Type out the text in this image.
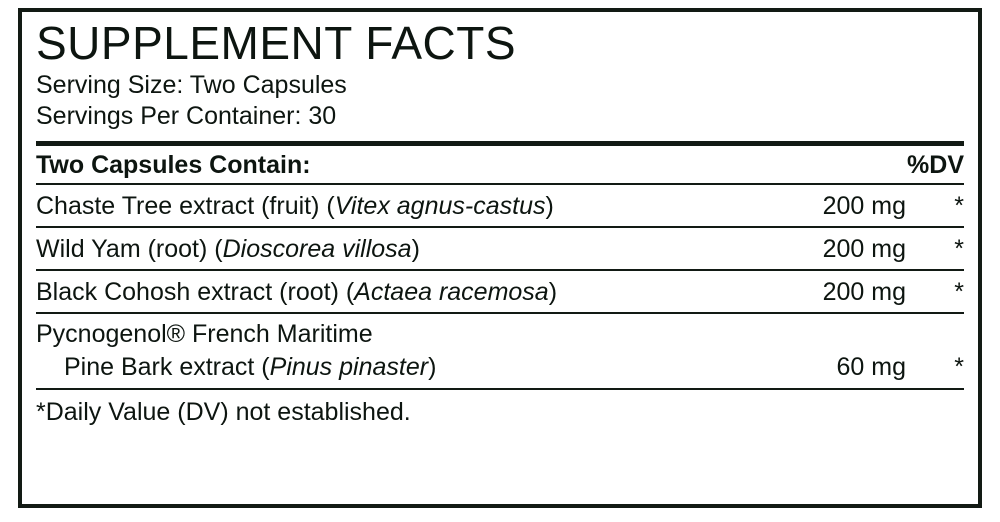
SUPPLEMENT FACTS
Serving Size: Two Capsules
Servings Per Container: 30
Two Capsules Contain:	%DV
Chaste Tree extract (fruit) (Vitex agnus-castus)	200 mg	*
Wild Yam (root) (Dioscorea villosa)	200 mg	*
Black Cohosh extract (root) (Actaea racemosa)	200 mg	*
Pycnogenol® French Maritime
Pine Bark extract (Pinus pinaster)	60 mg	*
*Daily Value (DV) not established.
